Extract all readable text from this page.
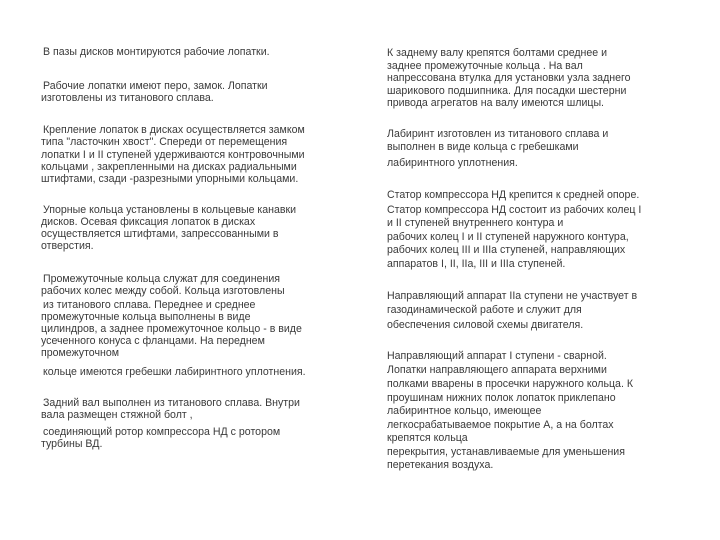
В пазы дисков монтируются рабочие лопатки.
Рабочие лопатки имеют перо, замок. Лопатки
изготовлены из титанового сплава.
Крепление лопаток в дисках осуществляется замком
типа "ласточкин хвост". Спереди от перемещения
лопатки I и II ступеней удерживаются контровочными
кольцами , закрепленными на дисках радиальными
штифтами, сзади -разрезными упорными кольцами.
Упорные кольца установлены в кольцевые канавки
дисков. Осевая фиксация лопаток в дисках
осуществляется штифтами, запрессованными в
отверстия.
Промежуточные кольца служат для соединения
рабочих колес между собой. Кольца изготовлены
из титанового сплава. Переднее и среднее
промежуточные кольца выполнены в виде
цилиндров, а заднее промежуточное кольцо - в виде
усеченного конуса с фланцами. На переднем
промежуточном
кольце имеются гребешки лабиринтного уплотнения.
Задний вал выполнен из титанового сплава. Внутри
вала размещен стяжной болт ,
соединяющий ротор компрессора НД с ротором
турбины ВД.
К заднему валу крепятся болтами среднее и
заднее промежуточные кольца . На вал
напрессована втулка для установки узла заднего
шарикового подшипника. Для посадки шестерни
привода агрегатов на валу имеются шлицы.
Лабиринт изготовлен из титанового сплава и
выполнен в виде кольца с гребешками
лабиринтного уплотнения.
Статор компрессора НД крепится к средней опоре.
Статор компрессора НД состоит из рабочих колец I
и II ступеней внутреннего контура и
рабочих колец I и II ступеней наружного контура,
рабочих колец III и IIIa ступеней, направляющих
аппаратов I, II, IIa, III и IIIa ступеней.
Направляющий аппарат IIa ступени не участвует в
газодинамической работе и служит для
обеспечения силовой схемы двигателя.
Направляющий аппарат I ступени - сварной.
Лопатки направляющего аппарата верхними
полками вварены в просечки наружного кольца. К
проушинам нижних полок лопаток приклепано
лабиринтное кольцо, имеющее
легкосрабатываемое покрытие А, а на болтах
крепятся кольца
перекрытия, устанавливаемые для уменьшения
перетекания воздуха.
